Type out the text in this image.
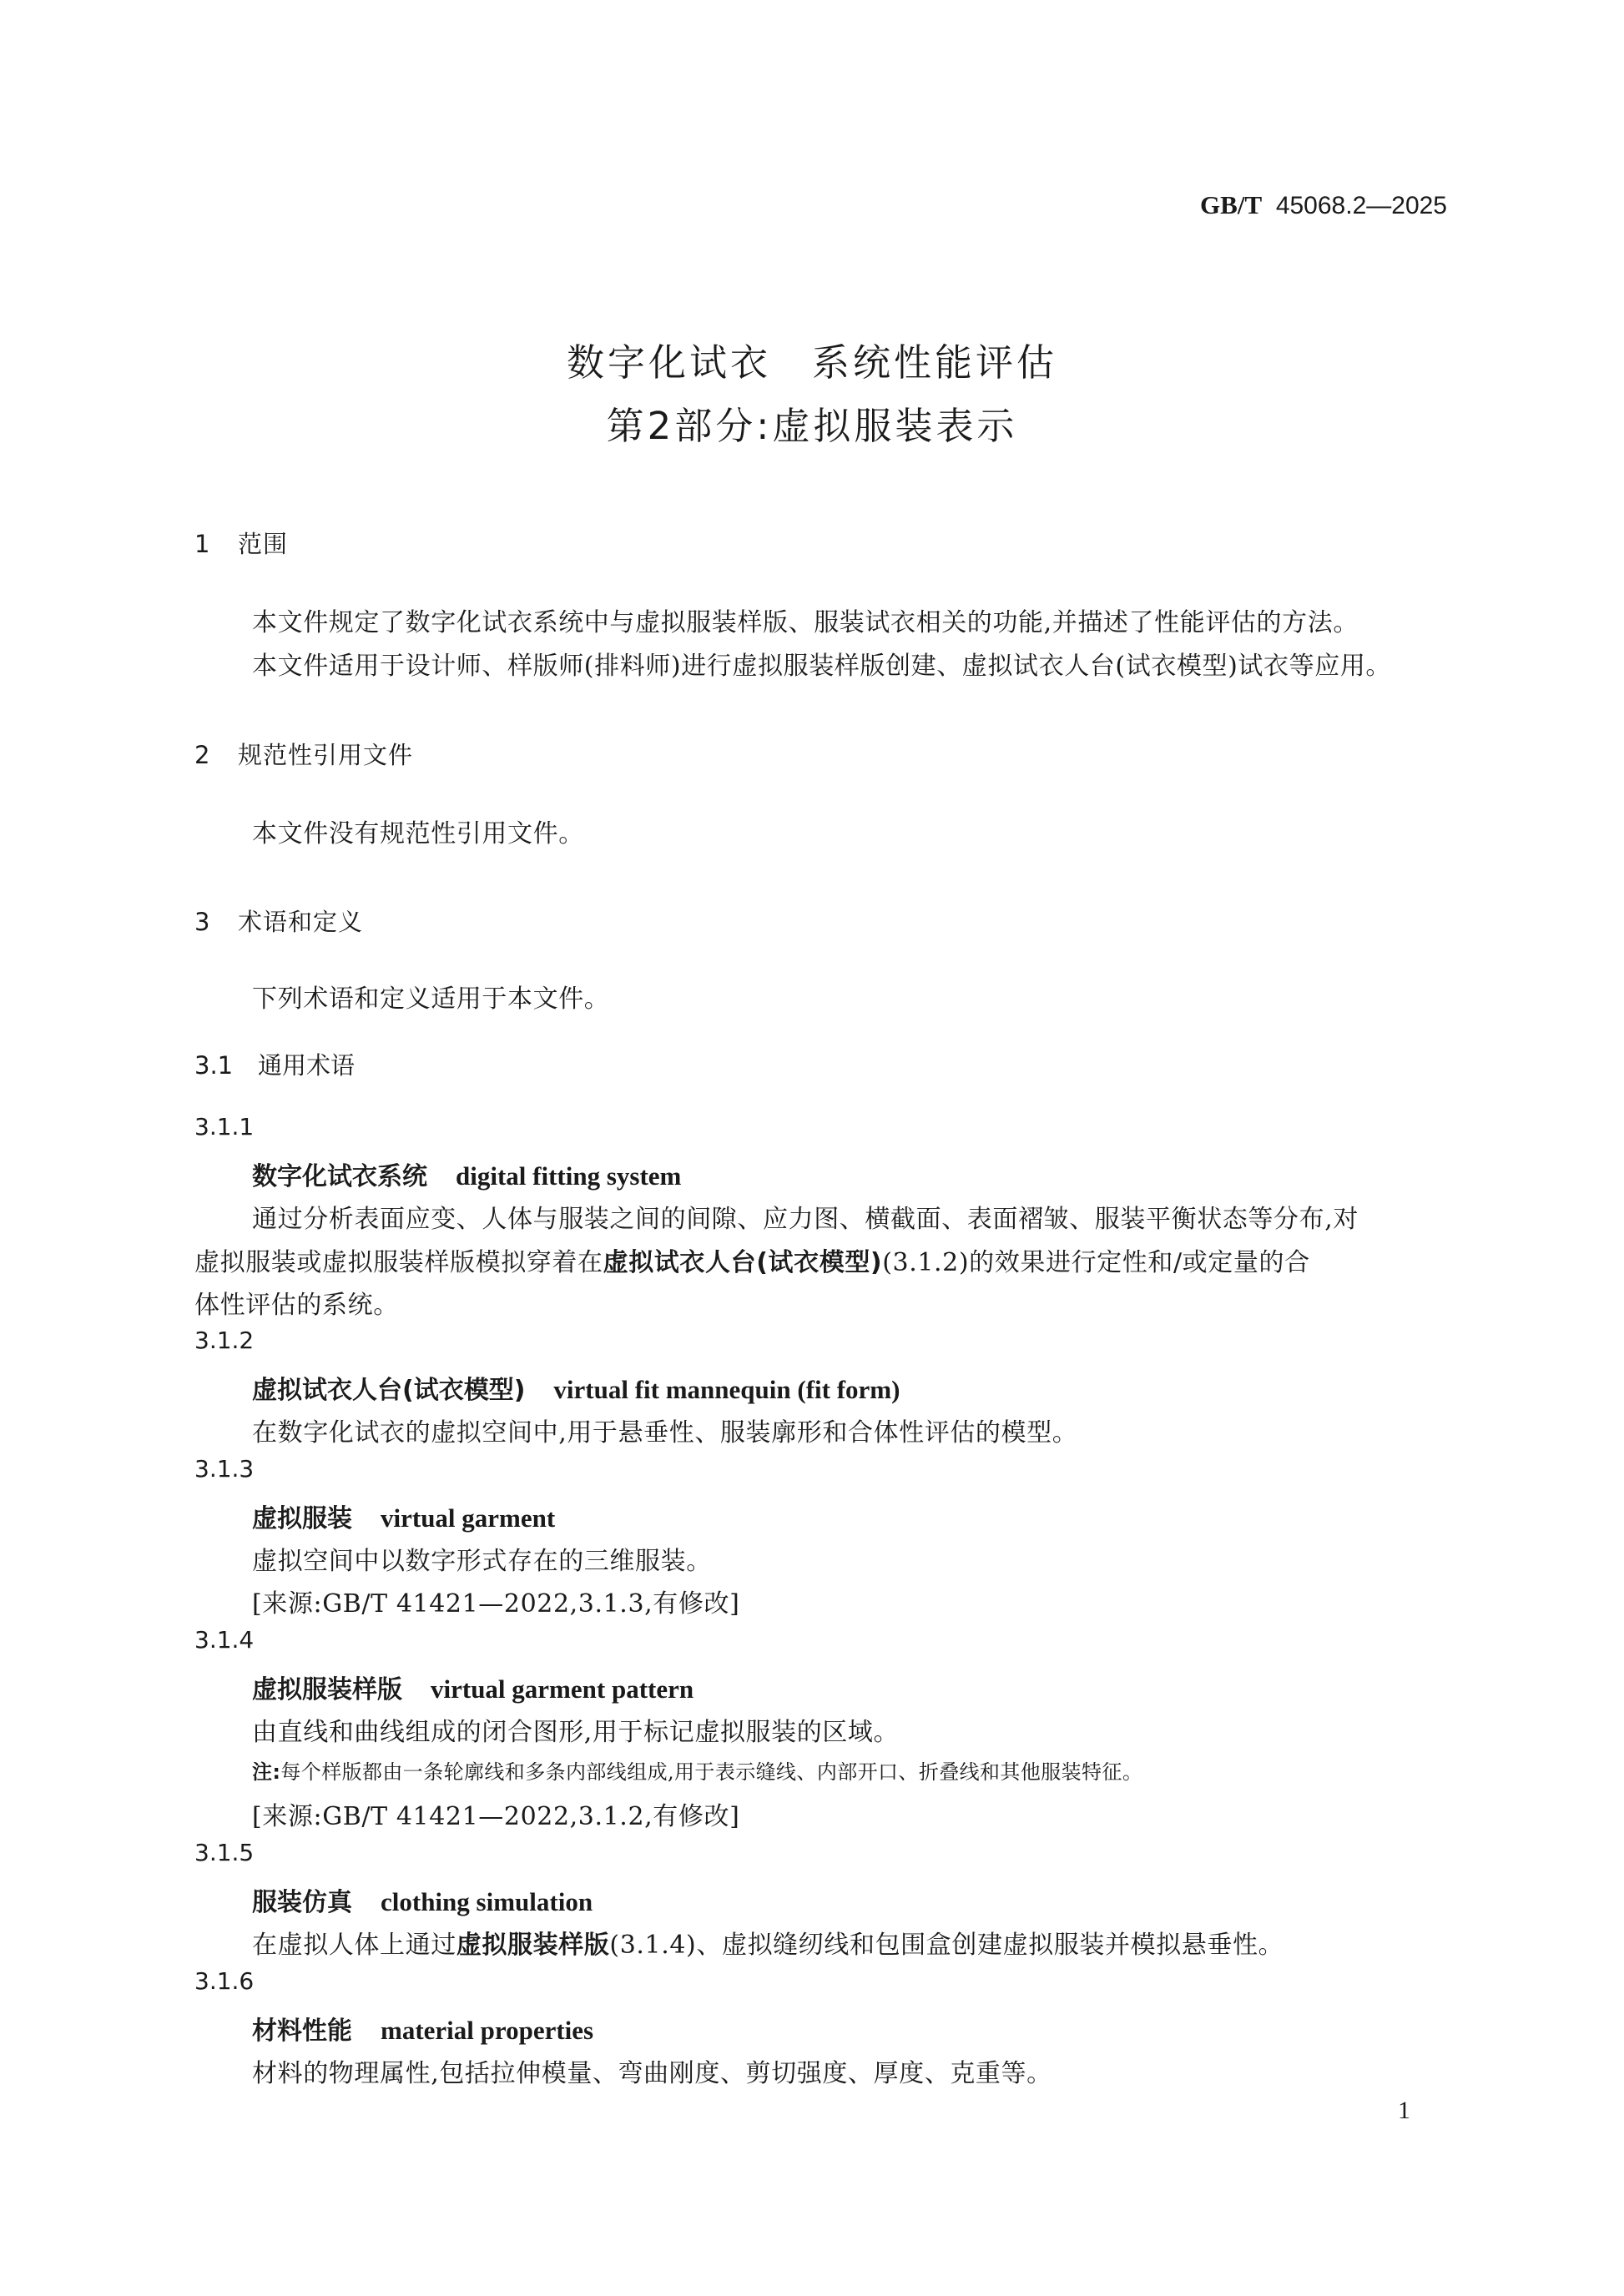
GB/T 45068.2—2025
数字化试衣　系统性能评估
第2部分:虚拟服装表示
1 范围
本文件规定了数字化试衣系统中与虚拟服装样版、服装试衣相关的功能,并描述了性能评估的方法。
本文件适用于设计师、样版师(排料师)进行虚拟服装样版创建、虚拟试衣人台(试衣模型)试衣等应用。
2 规范性引用文件
本文件没有规范性引用文件。
3 术语和定义
下列术语和定义适用于本文件。
3.1 通用术语
3.1.1
数字化试衣系统 digital fitting system
通过分析表面应变、人体与服装之间的间隙、应力图、横截面、表面褶皱、服装平衡状态等分布,对
虚拟服装或虚拟服装样版模拟穿着在虚拟试衣人台(试衣模型)(3.1.2)的效果进行定性和/或定量的合
体性评估的系统。
3.1.2
虚拟试衣人台(试衣模型) virtual fit mannequin (fit form)
在数字化试衣的虚拟空间中,用于悬垂性、服装廓形和合体性评估的模型。
3.1.3
虚拟服装 virtual garment
虚拟空间中以数字形式存在的三维服装。
[来源:GB/T 41421—2022,3.1.3,有修改]
3.1.4
虚拟服装样版 virtual garment pattern
由直线和曲线组成的闭合图形,用于标记虚拟服装的区域。
注:每个样版都由一条轮廓线和多条内部线组成,用于表示缝线、内部开口、折叠线和其他服装特征。
[来源:GB/T 41421—2022,3.1.2,有修改]
3.1.5
服装仿真 clothing simulation
在虚拟人体上通过虚拟服装样版(3.1.4)、虚拟缝纫线和包围盒创建虚拟服装并模拟悬垂性。
3.1.6
材料性能 material properties
材料的物理属性,包括拉伸模量、弯曲刚度、剪切强度、厚度、克重等。
1
